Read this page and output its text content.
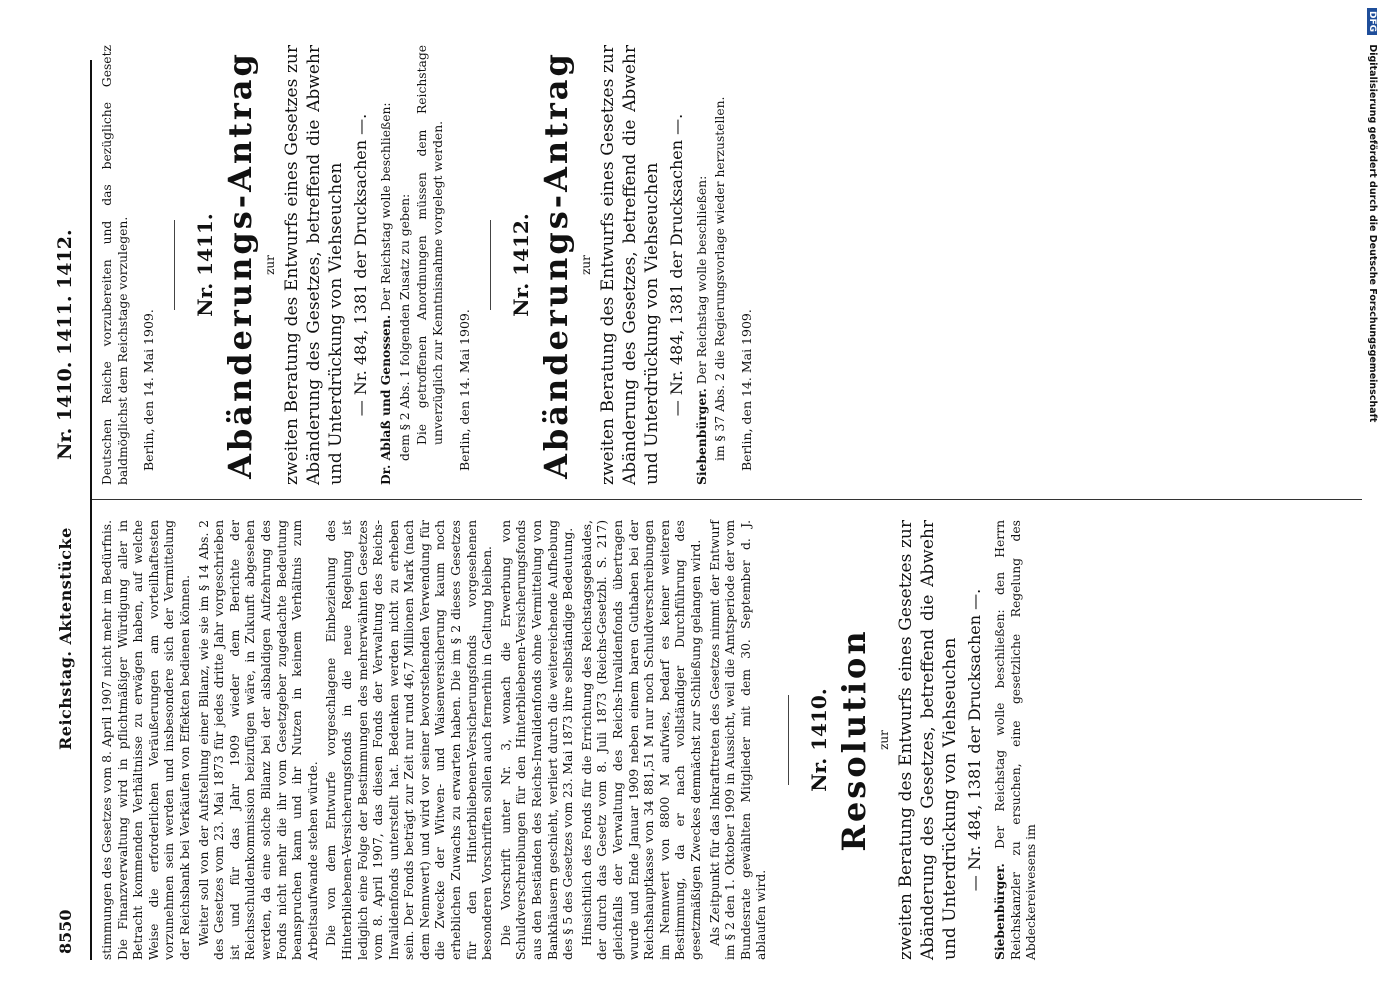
8550
Reichstag. Aktenstücke
Nr. 1410. 1411. 1412.

stimmungen des Gesetzes vom 8. April 1907 nicht mehr im Bedürfnis. Die Finanzverwaltung wird in pflichtmäßiger Würdigung aller in Betracht kommenden Verhältnisse zu erwägen haben, auf welche Weise die erforderlichen Veräußerungen am vorteilhaftesten vorzunehmen sein werden und insbesondere sich der Vermittelung der Reichsbank bei Verkäufen von Effekten bedienen können. Weiter soll von der Aufstellung einer Bilanz, wie sie im § 14 Abs. 2 des Gesetzes vom 23. Mai 1873 für jedes dritte Jahr vorgeschrieben ist und für das Jahr 1909 wieder dem Berichte der Reichsschuldenkommission beizufügen wäre, in Zukunft abgesehen werden, da eine solche Bilanz bei der alsbaldigen Aufzehrung des Fonds nicht mehr die ihr vom Gesetzgeber zugedachte Bedeutung beanspruchen kann und ihr Nutzen in keinem Verhältnis zum Arbeitsaufwande stehen würde. Die von dem Entwurfe vorgeschlagene Einbeziehung des Hinterbliebenen-Versicherungsfonds in die neue Regelung ist lediglich eine Folge der Bestimmungen des mehrerwähnten Gesetzes vom 8. April 1907, das diesen Fonds der Verwaltung des Reichs-Invalidenfonds unterstellt hat. Bedenken werden nicht zu erheben sein. Der Fonds beträgt zur Zeit nur rund 46,7 Millionen Mark (nach dem Nennwert) und wird vor seiner bevorstehenden Verwendung für die Zwecke der Witwen- und Waisenversicherung kaum noch erheblichen Zuwachs zu erwarten haben. Die im § 2 dieses Gesetzes für den Hinterbliebenen-Versicherungsfonds vorgesehenen besonderen Vorschriften sollen auch fernerhin in Geltung bleiben. Die Vorschrift unter Nr. 3, wonach die Erwerbung von Schuldverschreibungen für den Hinterbliebenen-Versicherungsfonds aus den Beständen des Reichs-Invalidenfonds ohne Vermittelung von Bankhäusern geschieht, verliert durch die weitereichende Aufhebung des § 5 des Gesetzes vom 23. Mai 1873 ihre selbständige Bedeutung. Hinsichtlich des Fonds für die Errichtung des Reichstagsgebäudes, der durch das Gesetz vom 8. Juli 1873 (Reichs-Gesetzbl. S. 217) gleichfalls der Verwaltung des Reichs-Invalidenfonds übertragen wurde und Ende Januar 1909 neben einem baren Guthaben bei der Reichshauptkasse von 34 881,51 M nur noch Schuldverschreibungen im Nennwert von 8800 M aufwies, bedarf es keiner weiteren Bestimmung, da er nach vollständiger Durchführung des gesetzmäßigen Zweckes demnächst zur Schließung gelangen wird. Als Zeitpunkt für das Inkrafttreten des Gesetzes nimmt der Entwurf im § 2 den 1. Oktober 1909 in Aussicht, weil die Amtsperiode der vom Bundesrate gewählten Mitglieder mit dem 30. September d. J. ablaufen wird.

Nr. 1410. Resolution zur zweiten Beratung des Entwurfs eines Gesetzes zur Abänderung des Gesetzes, betreffend die Abwehr und Unterdrückung von Viehseuchen — Nr. 484, 1381 der Drucksachen —.

Siebenbürger. Der Reichstag wolle beschließen: den Herrn Reichskanzler zu ersuchen, eine gesetzliche Regelung des Abdeckereiwesens im

Deutschen Reiche vorzubereiten und das bezügliche Gesetz baldmöglichst dem Reichstage vorzulegen. Berlin, den 14. Mai 1909.
Nr. 1411. Abänderungs-Antrag zur zweiten Beratung des Entwurfs eines Gesetzes zur Abänderung des Gesetzes, betreffend die Abwehr und Unterdrückung von Viehseuchen — Nr. 484, 1381 der Drucksachen —. Dr. Ablaß und Genossen. Der Reichstag wolle beschließen: dem § 2 Abs. 1 folgenden Zusatz zu geben: Die getroffenen Anordnungen müssen dem Reichstage unverzüglich zur Kenntnisnahme vorgelegt werden. Berlin, den 14. Mai 1909.
Nr. 1412. Abänderungs-Antrag zur zweiten Beratung des Entwurfs eines Gesetzes zur Abänderung des Gesetzes, betreffend die Abwehr und Unterdrückung von Viehseuchen — Nr. 484, 1381 der Drucksachen —.

Siebenbürger. Der Reichstag wolle beschließen: im § 37 Abs. 2 die Regierungsvorlage wieder herzustellen. Berlin, den 14. Mai 1909.
DFG Digitalisierung gefördert durch die Deutsche Forschungsgemeinschaft
